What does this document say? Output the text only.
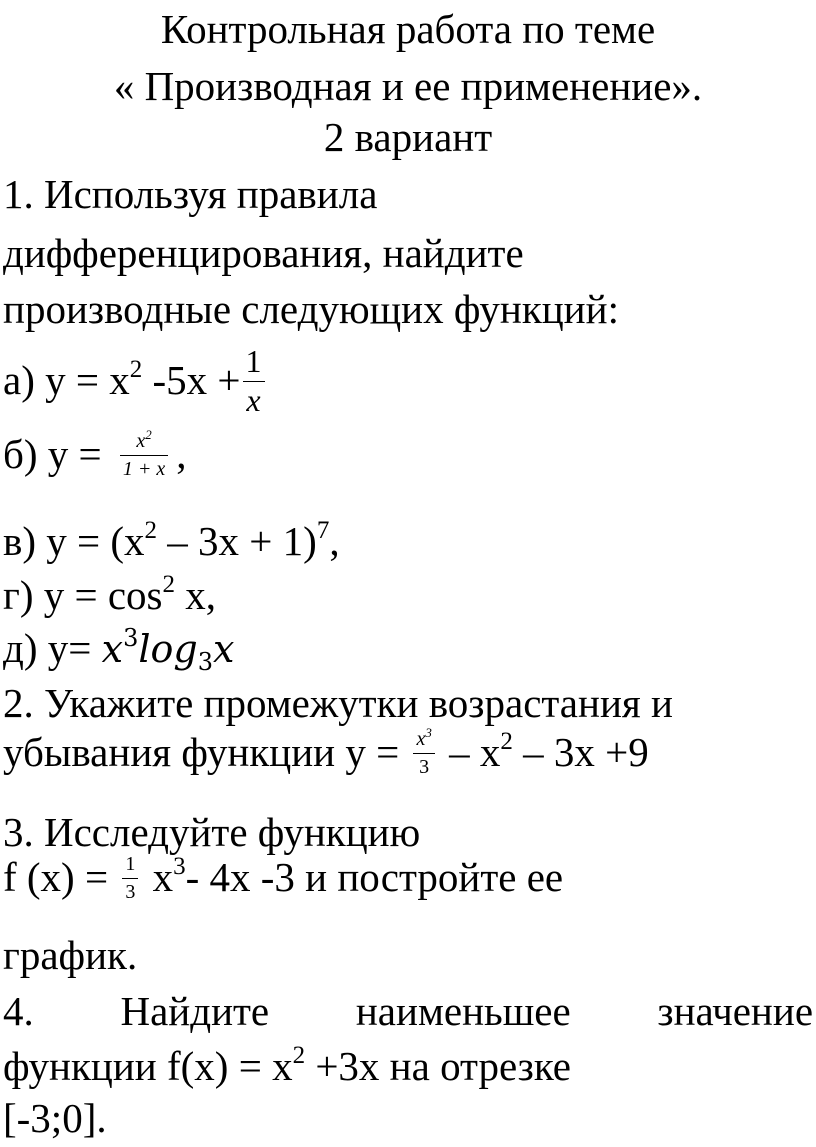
Контрольная работа по теме
« Производная и ее применение».
2 вариант
1. Используя правила
дифференцирования, найдите
производные следующих функций:
а) $у = х^2$ $-5х + \frac{1}{x}$
б) $у = \frac{x^2}{1 + x}$ ,
в) $у = (х^2 - 3х + 1)^7$,
г) $у = \cos^2 х$,
д) $у= x^3\log_3x$
2. Укажите промежутки возрастания и
убывания функции $у = \frac{x^3}{3} - х^2 - 3х +9$
3. Исследуйте функцию
f $(x) = \frac{1}{3} x^3-$ 4x -3 и постройте ее
график.
4. Найдите наименьшее значение
функции $f(x) = x^2 +3x$ на отрезке
[-3;0].
